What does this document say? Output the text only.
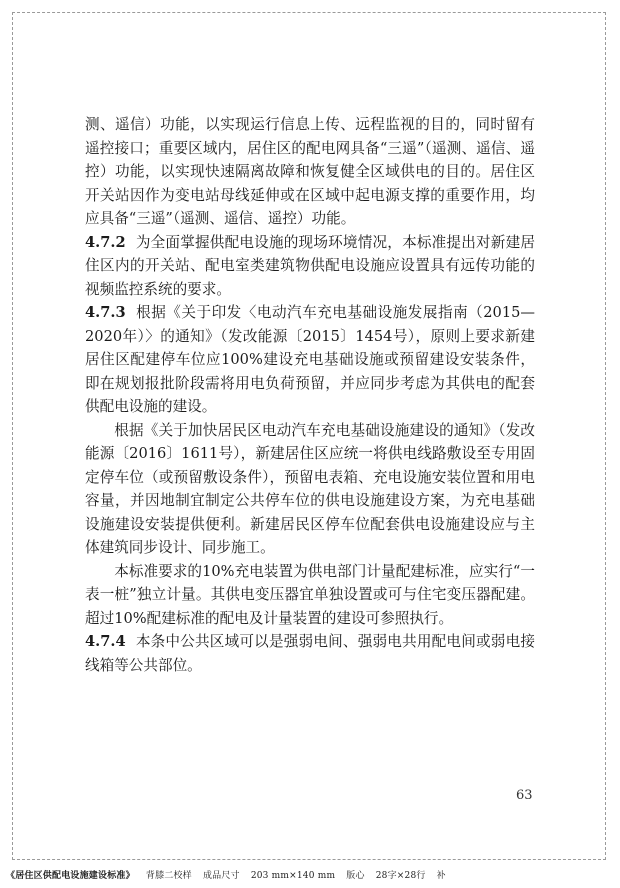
测、遥信）功能，以实现运行信息上传、远程监视的目的，同时留有遥控接口；重要区域内，居住区的配电网具备“三遥”（遥测、遥信、遥控）功能，以实现快速隔离故障和恢复健全区域供电的目的。居住区开关站因作为变电站母线延伸或在区域中起电源支撑的重要作用，均应具备“三遥”（遥测、遥信、遥控）功能。

4.7.2 为全面掌握供配电设施的现场环境情况，本标准提出对新建居住区内的开关站、配电室类建筑物供配电设施应设置具有远传功能的视频监控系统的要求。

4.7.3 根据《关于印发〈电动汽车充电基础设施发展指南（2015—2020年）〉的通知》（发改能源〔2015〕1454号），原则上要求新建居住区配建停车位应100%建设充电基础设施或预留建设安装条件，即在规划报批阶段需将用电负荷预留，并应同步考虑为其供电的配套供配电设施的建设。

根据《关于加快居民区电动汽车充电基础设施建设的通知》（发改能源〔2016〕1611号），新建居住区应统一将供电线路敷设至专用固定停车位（或预留敷设条件），预留电表箱、充电设施安装位置和用电容量，并因地制宜制定公共停车位的供电设施建设方案，为充电基础设施建设安装提供便利。新建居民区停车位配套供电设施建设应与主体建筑同步设计、同步施工。

本标准要求的10%充电装置为供电部门计量配建标准，应实行“一表一桩”独立计量。其供电变压器宜单独设置或可与住宅变压器配建。超过10%配建标准的配电及计量装置的建设可参照执行。

4.7.4 本条中公共区域可以是强弱电间、强弱电共用配电间或弱电接线箱等公共部位。

63
《居住区供配电设施建设标准》 背膝二校样 成品尺寸 203 mm×140 mm 版心 28字×28行 补
